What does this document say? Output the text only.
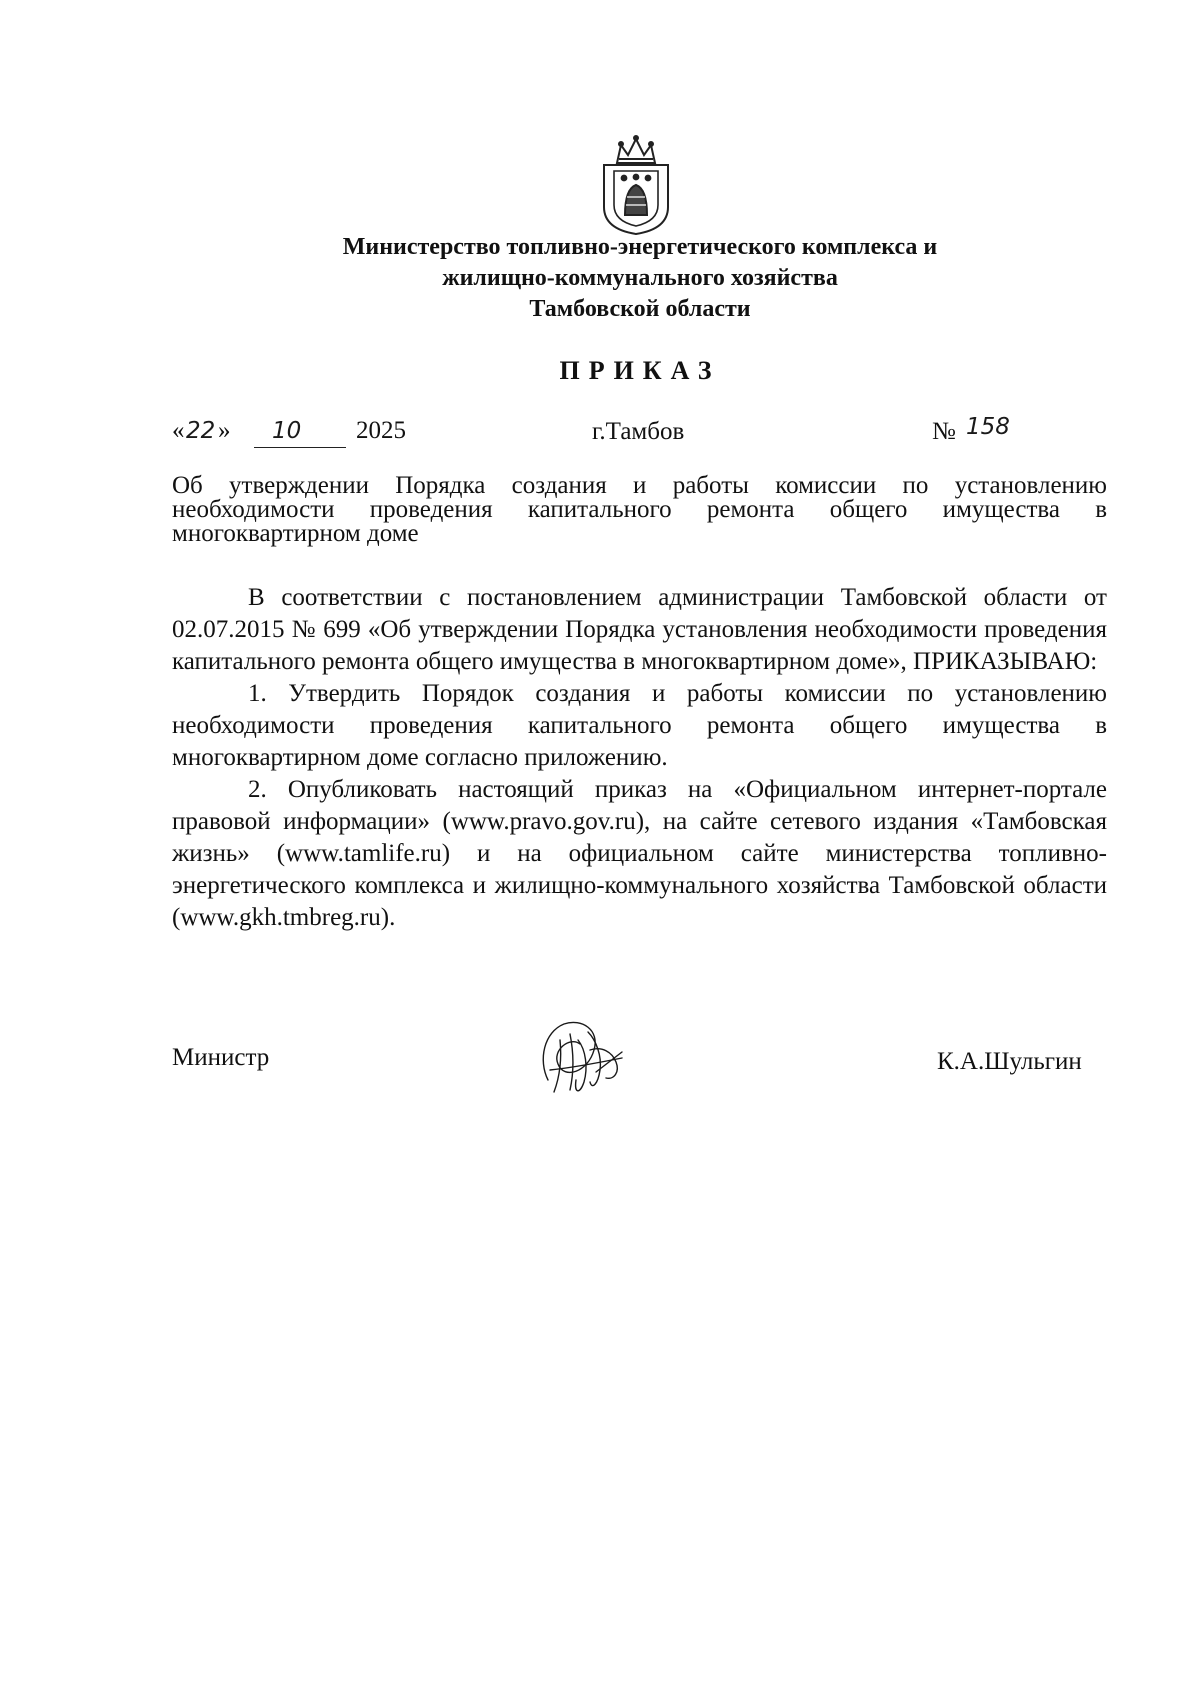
Министерство топливно-энергетического комплекса и
жилищно-коммунального хозяйства
Тамбовской области
ПРИКАЗ
« 22 » 10 2025	г.Тамбов	№ 158
Об утверждении Порядка создания и работы комиссии по установлению необходимости проведения капитального ремонта общего имущества в многоквартирном доме

В соответствии с постановлением администрации Тамбовской области от 02.07.2015 № 699 «Об утверждении Порядка установления необходимости проведения капитального ремонта общего имущества в многоквартирном доме», ПРИКАЗЫВАЮ:

1. Утвердить Порядок создания и работы комиссии по установлению необходимости проведения капитального ремонта общего имущества в многоквартирном доме согласно приложению.

2. Опубликовать настоящий приказ на «Официальном интернет-портале правовой информации» (www.pravo.gov.ru), на сайте сетевого издания «Тамбовская жизнь» (www.tamlife.ru) и на официальном сайте министерства топливно-энергетического комплекса и жилищно-коммунального хозяйства Тамбовской области (www.gkh.tmbreg.ru).

Министр	К.А.Шульгин
